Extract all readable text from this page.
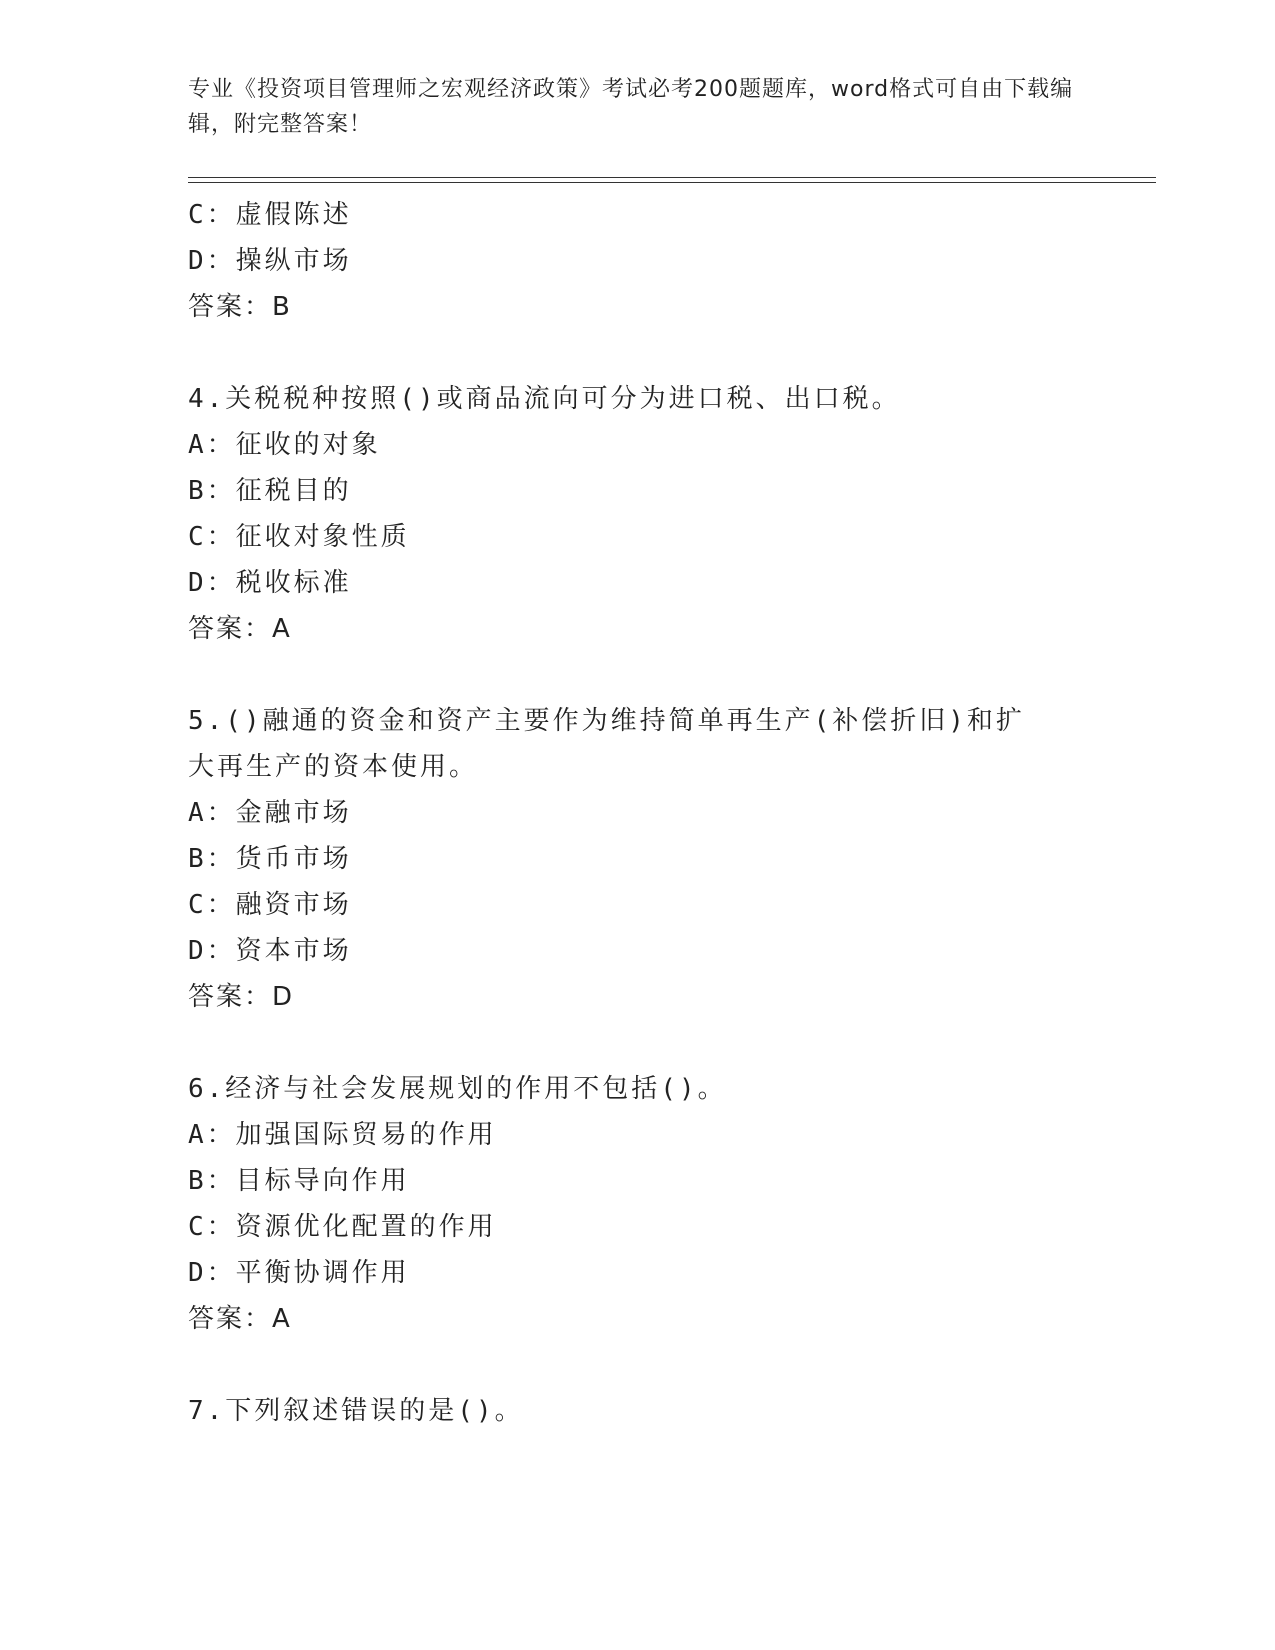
专业《投资项目管理师之宏观经济政策》考试必考200题题库，word格式可自由下载编辑，附完整答案！
C：虚假陈述
D：操纵市场
答案：B
4.关税税种按照()或商品流向可分为进口税、出口税。
A：征收的对象
B：征税目的
C：征收对象性质
D：税收标准
答案：A
5.()融通的资金和资产主要作为维持简单再生产(补偿折旧)和扩大再生产的资本使用。
A：金融市场
B：货币市场
C：融资市场
D：资本市场
答案：D
6.经济与社会发展规划的作用不包括()。
A：加强国际贸易的作用
B：目标导向作用
C：资源优化配置的作用
D：平衡协调作用
答案：A
7.下列叙述错误的是()。
